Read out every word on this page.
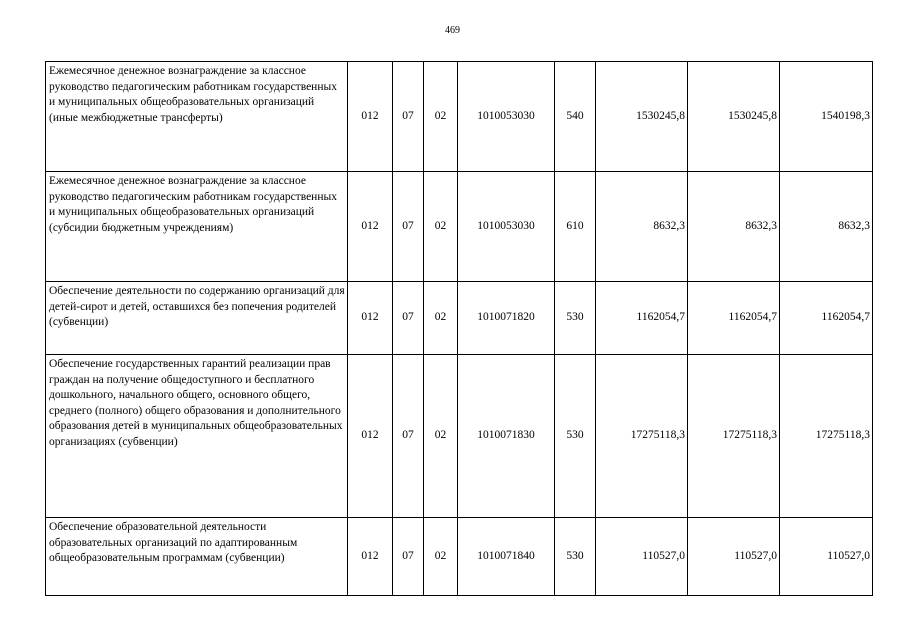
469
Ежемесячное денежное вознаграждение за классное руководство педагогическим работникам государственных и муниципальных общеобразовательных организаций (иные межбюджетные трансферты)	012	07	02	1010053030	540	1530245,8	1530245,8	1540198,3
Ежемесячное денежное вознаграждение за классное руководство педагогическим работникам государственных и муниципальных общеобразовательных организаций (субсидии бюджетным учреждениям)	012	07	02	1010053030	610	8632,3	8632,3	8632,3
Обеспечение деятельности по содержанию организаций для детей-сирот и детей, оставшихся без попечения родителей (субвенции)	012	07	02	1010071820	530	1162054,7	1162054,7	1162054,7
Обеспечение государственных гарантий реализации прав граждан на получение общедоступного и бесплатного дошкольного, начального общего, основного общего, среднего (полного) общего образования и дополнительного образования детей в муниципальных общеобразовательных организациях (субвенции)	012	07	02	1010071830	530	17275118,3	17275118,3	17275118,3
Обеспечение образовательной деятельности образовательных организаций по адаптированным общеобразовательным программам (субвенции)	012	07	02	1010071840	530	110527,0	110527,0	110527,0
